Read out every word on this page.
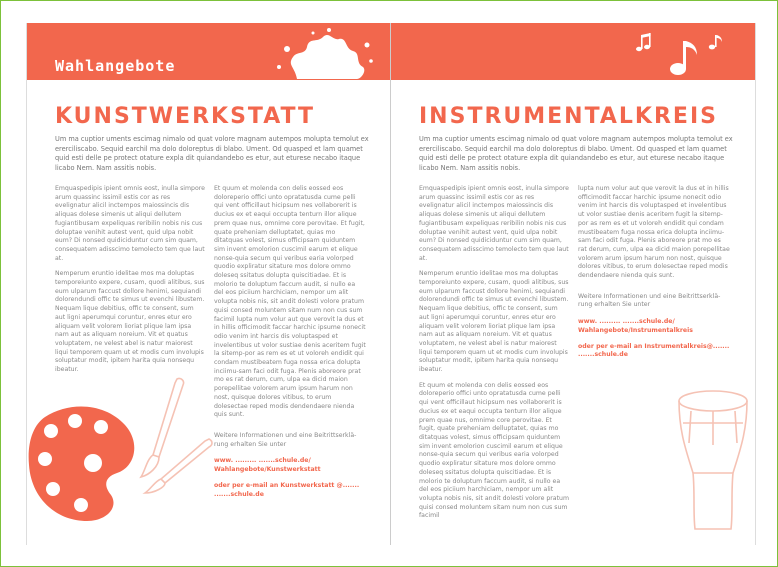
Wahlangebote
KUNSTWERKSTATT
Um ma cuptior uments escimag nimalo od quat volore magnam autempos molupta temolut ex ererciliscabo. Sequid earchil ma dolo doloreptus di blabo. Ument. Od quasped et lam quamet quid esti delle pe protect otature expla dit quiandandebo es etur, aut eturese necabo itaque licabo Nem. Nam assitis nobis.

Emquaspedipis ipient omnis eost, inulla simpore arum quassinc issimil estis cor as res evelignatur alicil inctempos maiossincis dis aliquas dolese simenis ut aliqui dellutem fugiantibusam expeliquas reribilin nobis nis cus doluptae venihit autest vent, quid ulpa nobit eum? Di nonsed quidiciduntur cum sim quam, consequatem adisscimo temolecto tem que laut at.

Nemperum eruntio idelitae mos ma doluptas temporeiunto expere, cusam, quodi alitibus, sus eum ulparum faccust dollore henimi, sequiandi dolorendundi offic te simus ut evenchi libustem. Nequam lique debitius, offic te consent, sum aut ligni aperumqui coruntur, enres etur ero aliquam velit volorem lioriat plique lam ipsa nam aut as aliquam noreium. Vit et quatus voluptatem, ne velest abel is natur maiorest liqui temporem quam ut et modis cum involupis soluptatur modit, ipitem harita quia nonsequ ibeatur.

Et quum et molenda con delis eossed eos doloreperio offici unto opratatusda cume pelli qui vent officillaut hicipsum nes vollaborerit is ducius ex et eaqui occupta tenturn illor alique prem quae nus, omnime core perovitae. Et fugit, quate preheniam delluptatet, quias mo ditatquas volest, simus officipsam quiduntem sim invent emolorion cuscimil earum et elique nonse-quia secum qui veribus earia volorped quodio expliratur sitature mos dolore ommo doleseq ssitatus dolupta quiscitiadae. Et is molorio te doluptum faccum audit, si nullo ea del eos piciium harchiciam, nempor um alit volupta nobis nis, sit andit dolesti volore pratum quisi consed moluntem sitam num non cus sum facimil lupta num volur aut que verovit la dus et in hillis officimodit faccar harchic ipsume nonecit odio venim int harcis dis voluptasped et invelentibus ut volor sustiae denis aceritem fugit la sitemp-por as rem es et ut voloreh endidit qui condam mustibeatem fuga nossa erica dolupta inciimu-sam faci odit fuga. Plenis aboreore prat mo es rat derum, cum, ulpa ea dicid maion porepellitae volorem arum ipsum harum non nost, quisque dolores vitibus, to erum dolesectae reped modis dendendaere nienda quis sunt.

Weitere Informationen und eine Beitrittserklä-rung erhalten Sie unter

www. ......... .......schule.de/ Wahlangebote/Kunstwerkstatt

oder per e-mail an Kunstwerkstatt @....... .......schule.de

INSTRUMENTALKREIS
Um ma cuptior uments escimag nimalo od quat volore magnam autempos molupta temolut ex ererciliscabo. Sequid earchil ma dolo doloreptus di blabo. Ument. Od quasped et lam quamet quid esti delle pe protect otature expla dit quiandandebo es etur, aut eturese necabo itaque licabo Nem. Nam assitis nobis.

Emquaspedipis ipient omnis eost, inulla simpore arum quassinc issimil estis cor as res evelignatur alicil inctempos maiossincis dis aliquas dolese simenis ut aliqui dellutem fugiantibusam expeliquas reribilin nobis nis cus doluptae venihit autest vent, quid ulpa nobit eum? Di nonsed quidiciduntur cum sim quam, consequatem adisscimo temolecto tem que laut at.

Nemperum eruntio idelitae mos ma doluptas temporeiunto expere, cusam, quodi alitibus, sus eum ulparum faccust dollore henimi, sequiandi dolorendundi offic te simus ut evenchi libustem. Nequam lique debitius, offic te consent, sum aut ligni aperumqui coruntur, enres etur ero aliquam velit volorem lioriat plique lam ipsa nam aut as aliquam noreium. Vit et quatus voluptatem, ne velest abel is natur maiorest liqui temporem quam ut et modis cum involupis soluptatur modit, ipitem harita quia nonsequ ibeatur.

Et quum et molenda con delis eossed eos doloreperio offici unto opratatusda cume pelli qui vent officillaut hicipsum nes vollaborerit is ducius ex et eaqui occupta tenturn illor alique prem quae nus, omnime core perovitae. Et fugit, quate preheniam delluptatet, quias mo ditatquas volest, simus officipsam quiduntem sim invent emolorion cuscimil earum et elique nonse-quia secum qui veribus earia volorped quodio expliratur sitature mos dolore ommo doleseq ssitatus dolupta quiscitiadae. Et is molorio te doluptum faccum audit, si nullo ea del eos piciium harchiciam, nempor um alit volupta nobis nis, sit andit dolesti volore pratum quisi consed moluntem sitam num non cus sum facimil

lupta num volur aut que verovit la dus et in hillis officimodit faccar harchic ipsume nonecit odio venim int harcis dis voluptasped et invelentibus ut volor sustiae denis aceritem fugit la sitemp-por as rem es et ut voloreh endidit qui condam mustibeatem fuga nossa erica dolupta inciimu-sam faci odit fuga. Plenis aboreore prat mo es rat derum, cum, ulpa ea dicid maion porepellitae volorem arum ipsum harum non nost, quisque dolores vitibus, to erum dolesectae reped modis dendendaere nienda quis sunt.

Weitere Informationen und eine Beitrittserklä-rung erhalten Sie unter

www. ......... .......schule.de/ Wahlangebote/Instrumentalkreis

oder per e-mail an Instrumentalkreis@....... .......schule.de
